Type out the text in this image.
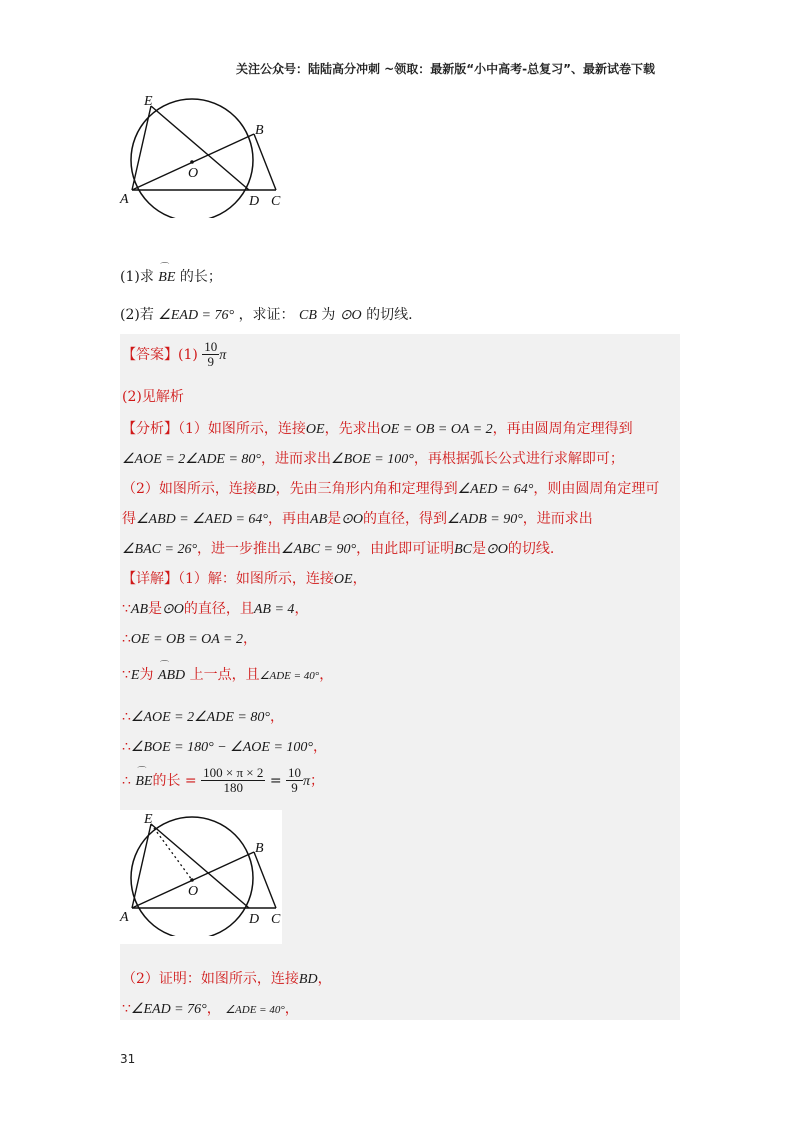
关注公众号：陆陆高分冲刺 ~领取：最新版“小中高考-总复习”、最新试卷下载
E
B
O
A	D C
(1)求 ⌒ BE 的长；
(2)若 ∠EAD = 76° ，求证： CB 为 ⊙O 的切线.
【答案】$(1) \frac{10}{9}$ π
(2)见解析
【分析】（1）如图所示，连接OE，先求出OE = OB = OA = 2，再由圆周角定理得到
∠AOE = 2∠ADE = 80°，进而求出∠BOE = 100°，再根据弧长公式进行求解即可；
（2）如图所示，连接BD，先由三角形内角和定理得到∠AED = 64°，则由圆周角定理可
得∠ABD = ∠AED = 64°，再由AB是⊙O的直径，得到∠ADB = 90°，进而求出
∠BAC = 26°，进一步推出∠ABC = 90°，由此即可证明BC是⊙O的切线.
【详解】（1）解：如图所示，连接OE，
∵AB是⊙O的直径，且AB = 4，
∴OE = OB = OA = 2，
∵E为 ⌒ ABD 上一点，且∠ADE = 40°，
∴∠AOE = 2∠ADE = 80°，
∴∠BOE = 180° − ∠AOE = 100°，
∴ ⌒ BE的长 = $\frac{100 \times \pi \times 2}{180} = \frac{10}{9}$ π；
E
B
O
A	D C
（2）证明：如图所示，连接BD，
∵∠EAD = 76°， ∠ADE = 40°，
31
